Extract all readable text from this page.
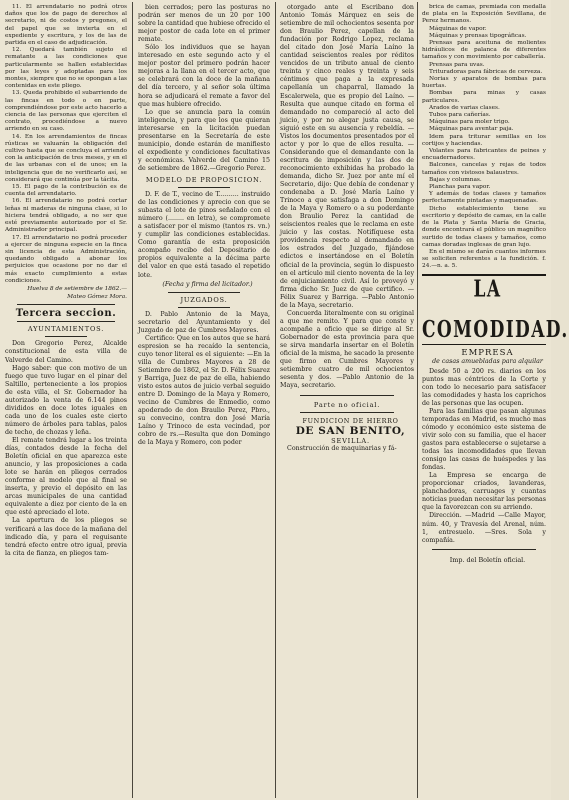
11. El arrendatario no podrá otros daños que los de pago de derechos al secretario, ni de costos y pregones, el del papel que se invierta en el expediente y escritura, y los de las de partida en el caso de adjudicación.

12. Quedará también sujeto el rematante a las condiciones que particularmente se hallen establecidas por las leyes y adoptadas para los montes, siempre que no se opongan a las contenidas en este pliego.

13. Queda prohibido el subarriendo de las fincas en todo o en parte, comprendiéndose por este acto hacerlo a ciencia de las personas que ejerciten el contrato, procediéndose a nuevo arriendo en su caso.

14. En los arrendamientos de fincas rústicas se valuarán la obligación del cultivo hasta que se concluya el arriendo con la anticipación de tres meses, y en el de las urbanas con el de unos; en la inteligencia que de no verificarlo así, se considerará que continúa por la tácita.

15. El pago de la contribución es de cuenta del arrendatario.

16. El arrendatario no podrá cortar leñas ni maderas de ninguna clase, si lo hiciera tendrá obligado, a no ser que esté previamente autorizado por el Sr. Administrador principal.

17. El arrendatario no podrá proceder a ejercer de ninguna especie en la finca sin licencia de esta Administración, quedando obligado a abonar los perjuicios que ocasione por no dar el más exacto cumplimiento a estas condiciones.

Huelva 8 de setiembre de 1862.—

Mateo Gómez Mora.

Tercera seccion.

AYUNTAMIENTOS.

Don Gregorio Perez, Alcalde constitucional de esta villa de Valverde del Camino.

Hago saber: que con motivo de un fuego que tuvo lugar en el pinar del Saltillo, perteneciente a los propios de esta villa, el Sr. Gobernador ha autorizado la venta de 6.144 pinos divididos en doce lotes iguales en cada uno de los cuales este cierto número de árboles para tablas, palos de techo, de chozas y leña.

El remate tendrá lugar a los treinta días, contados desde la fecha del Boletín oficial en que aparezca este anuncio, y las proposiciones a cada lote se harán en pliegos cerrados conforme al modelo que al final se inserta, y previo el depósito en las arcas municipales de una cantidad equivalente a diez por ciento de la en que esté apreciado el lote.

La apertura de los pliegos se verificará a las doce de la mañana del indicado día, y para el reguisante tendrá efecto entre otro igual, previa la cita de fianza, en pliegos tam-

bien cerrados; pero las posturas no podrán ser menos de un 20 por 100 sobre la cantidad que hubiese ofrecido el mejor postor de cada lote en el primer remate.

Sólo los individuos que se hayan interesado en este segundo acto y el mejor postor del primero podrán hacer mejoras a la llana en el tercer acto, que se celebrará con la doce de la mañana del día tercero, y al señor sola última hora se adjudicará el remate a favor del que mas hubiere ofrecido.

Lo que se anuncia para la común inteligencia, y para que los que quieran interesarse en la licitación puedan presentarse en la Secretaría de este municipio, donde estarán de manifiesto el expediente y condiciones facultativas y económicas. Valverde del Camino 15 de setiembre de 1862.—Gregorio Perez.

MODELO DE PROPOSICION.

D. F. de T., vecino de T.......... instruido de las condiciones y aprecio con que se subasta el lote de pinos señalado con el número (........ en letra), se compromete a satisfacer por el mismo (tantos rs. vn.) y cumplir las condiciones establecidas. Como garantía de esta proposición acompaño recibo del Depositario de propios equivalente a la décima parte del valor en que está tasado el repetido lote.

(Fecha y firma del licitador.)

JUZGADOS.

D. Pablo Antonio de la Maya, secretario del Ayuntamiento y del Juzgado de paz de Cumbres Mayores.

Certifico: Que en los autos que se hará espresion se ha recaído la sentencia, cuyo tenor literal es el siguiente: —En la villa de Cumbres Mayores a 28 de Setiembre de 1862, el Sr. D. Félix Suarez y Barriga, Juez de paz de ella, habiendo visto estos autos de juicio verbal seguido entre D. Domingo de la Maya y Romero, vecino de Cumbres de Enmedio, como apoderado de don Braulio Perez, Pbro., su convecino, contra don José María Laíno y Trinoco de esta vecindad, por cobro de rs.—Resulta que don Domingo de la Maya y Romero, con poder

otorgado ante el Escribano don Antonio Tomás Márquez en seis de setiembre de mil ochocientos sesenta por don Braulio Perez, capellan de la fundación por Rodrigo Lopez, reclama del citado don José María Laíno la cantidad seiscientos reales por réditos vencidos de un tributo anual de ciento treinta y cinco reales y treinta y seis céntimos que paga a la expresada capellanía un chaparral, llamado la Escalerwela, que es propio del Laíno. —Resulta que aunque citado en forma el demandado no compareció al acto del juicio, y por no alegar justa causa, se siguió este en su ausencia y rebeldía. —Vistos los documentos presentados por el actor y por lo que de ellos resulta. —Considerando que el demandante con la escritura de imposición y las dos de reconocimiento exhibidas ha probado la demanda, dicho Sr. Juez por ante mí el Secretario, dijo: Que debía de condenar y condenaba a D. José María Laíno y Trinoco a que satisfaga a don Domingo de la Maya y Romero o a su poderdante don Braulio Perez la cantidad de seiscientos reales que le reclama en este juicio y las costas. Notifíquese esta providencia respecto al demandado en los estrados del Juzgado, fijándose edictos e insertándose en el Boletín oficial de la provincia, según lo dispuesto en el artículo mil ciento noventa de la ley de enjuiciamiento civil. Así lo proveyó y firma dicho Sr. Juez de que certifico. —Félix Suarez y Barriga. —Pablo Antonio de la Maya, secretario.

Concuerda literalmente con su original a que me remito. Y para que conste y acompañe a oficio que se dirige al Sr. Gobernador de esta provincia para que se sirva mandarla insertar en el Boletín oficial de la misma, he sacado la presente que firmo en Cumbres Mayores y setiembre cuatro de mil ochocientos sesenta y dos. —Pablo Antonio de la Maya, secretario.

Parte no oficial.

FUNDICION DE HIERRO

DE SAN BENITO,

SEVILLA.

Construcción de maquinarias y fá-

brica de camas, premiada con medalla de plata en la Exposición Sevillana, de Perez hermanos.

Máquinas de vapor.

Máquinas y prensas tipográficas.

Prensas para aceituna de molientes hidráulicos de palanca de diferentes tamaños y con movimiento por caballería.

Prensas para uvas.

Trituradoras para fábricas de cerveza.

Norias y aparatos de bombas para huertas.

Bombas para minas y casas particulares.

Arados de varias clases.

Tubos para cañerías.

Máquinas para moler trigo.

Máquinas para aventar paja.

Idem para triturar semillas en los cortijos y haciendas.

Volantes para fabricantes de peines y encuadernadores.

Balcones, cancelas y rejas de todos tamaños con vistosos balaustres.

Bajas y columnas.

Planchas para vapor.

Y además de todas clases y tamaños perfectamente pintadas y maquenadas.

Dicho establecimiento tiene su escritorio y depósito de camas, en la calle de la Plata y Santa María de Gracia, donde encontrará el público un magnífico surtido de todas clases y tamaños, como camas doradas inglesas de gran lujo.

En el mismo se darán cuantos informes se soliciten referentes a la fundición. f. 24.—n. a. 5.

LA COMODIDAD.

EMPRESA

de casas amuebladas para alquilar

Desde 50 a 200 rs. diarios en los puntos mas céntricos de la Corte y con todo lo necesario para satisfacer las comodidades y hasta los caprichos de las personas que las ocupen.

Para las familias que pasan algunas temporadas en Madrid, es mucho mas cómodo y económico este sistema de vivir solo con su familia, que el hacer gastos para establecerse o sujetarse a todas las incomodidades que llevan consigo las casas de huéspedes y las fondas.

La Empresa se encarga de proporcionar criados, lavanderas, planchadoras, carruages y cuantas noticias puedan necesitar las personas que la favorezcan con su arriendo.

Dirección. —Madrid —Calle Mayor, núm. 40, y Travesía del Arenal, núm. 1, entresuelo. —Sres. Sola y compañía.

Imp. del Boletín oficial.
